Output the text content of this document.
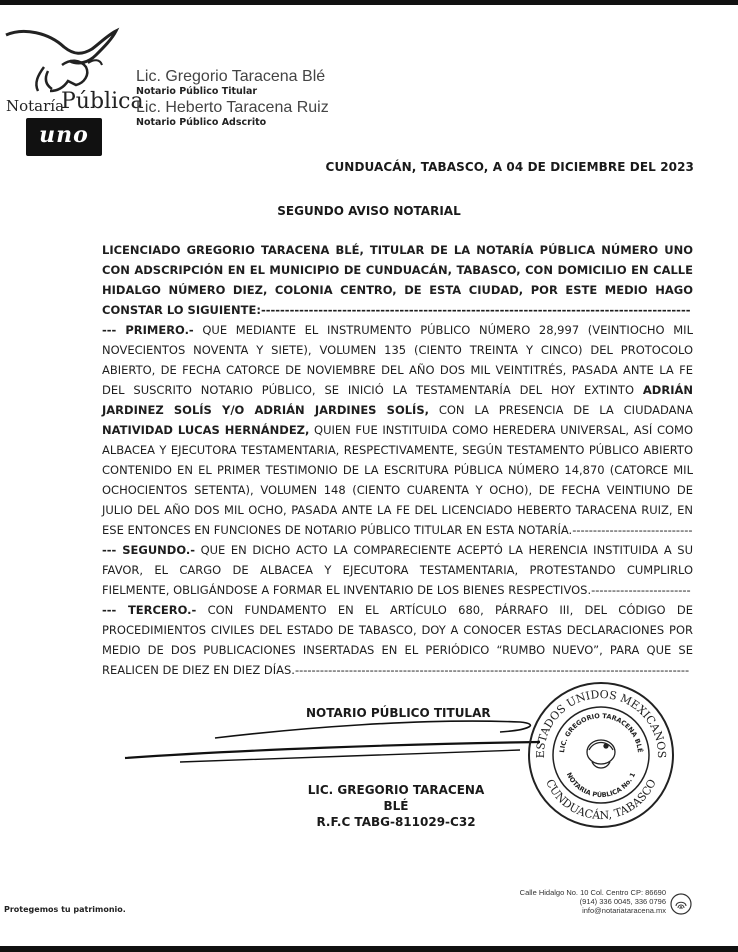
Notaría
Pública
uno
Lic. Gregorio Taracena Blé
Notario Público Titular
Lic. Heberto Taracena Ruiz
Notario Público Adscrito
CUNDUACÁN, TABASCO, A 04 DE DICIEMBRE DEL 2023
SEGUNDO AVISO NOTARIAL

LICENCIADO GREGORIO TARACENA BLÉ, TITULAR DE LA NOTARÍA PÚBLICA NÚMERO UNO CON ADSCRIPCIÓN EN EL MUNICIPIO DE CUNDUACÁN, TABASCO, CON DOMICILIO EN CALLE HIDALGO NÚMERO DIEZ, COLONIA CENTRO, DE ESTA CIUDAD, POR ESTE MEDIO HAGO CONSTAR LO SIGUIENTE:------------------------------------------------------------------------------------------

--- PRIMERO.- QUE MEDIANTE EL INSTRUMENTO PÚBLICO NÚMERO 28,997 (VEINTIOCHO MIL NOVECIENTOS NOVENTA Y SIETE), VOLUMEN 135 (CIENTO TREINTA Y CINCO) DEL PROTOCOLO ABIERTO, DE FECHA CATORCE DE NOVIEMBRE DEL AÑO DOS MIL VEINTITRÉS, PASADA ANTE LA FE DEL SUSCRITO NOTARIO PÚBLICO, SE INICIÓ LA TESTAMENTARÍA DEL HOY EXTINTO ADRIÁN JARDINEZ SOLÍS Y/O ADRIÁN JARDINES SOLÍS, CON LA PRESENCIA DE LA CIUDADANA NATIVIDAD LUCAS HERNÁNDEZ, QUIEN FUE INSTITUIDA COMO HEREDERA UNIVERSAL, ASÍ COMO ALBACEA Y EJECUTORA TESTAMENTARIA, RESPECTIVAMENTE, SEGÚN TESTAMENTO PÚBLICO ABIERTO CONTENIDO EN EL PRIMER TESTIMONIO DE LA ESCRITURA PÚBLICA NÚMERO 14,870 (CATORCE MIL OCHOCIENTOS SETENTA), VOLUMEN 148 (CIENTO CUARENTA Y OCHO), DE FECHA VEINTIUNO DE JULIO DEL AÑO DOS MIL OCHO, PASADA ANTE LA FE DEL LICENCIADO HEBERTO TARACENA RUIZ, EN ESE ENTONCES EN FUNCIONES DE NOTARIO PÚBLICO TITULAR EN ESTA NOTARÍA.-----------------------------

--- SEGUNDO.- QUE EN DICHO ACTO LA COMPARECIENTE ACEPTÓ LA HERENCIA INSTITUIDA A SU FAVOR, EL CARGO DE ALBACEA Y EJECUTORA TESTAMENTARIA, PROTESTANDO CUMPLIRLO FIELMENTE, OBLIGÁNDOSE A FORMAR EL INVENTARIO DE LOS BIENES RESPECTIVOS.------------------------

--- TERCERO.- CON FUNDAMENTO EN EL ARTÍCULO 680, PÁRRAFO III, DEL CÓDIGO DE PROCEDIMIENTOS CIVILES DEL ESTADO DE TABASCO, DOY A CONOCER ESTAS DECLARACIONES POR MEDIO DE DOS PUBLICACIONES INSERTADAS EN EL PERIÓDICO “RUMBO NUEVO”, PARA QUE SE REALICEN DE DIEZ EN DIEZ DÍAS.-----------------------------------------------------------------------------------------------

NOTARIO PÚBLICO TITULAR
LIC. GREGORIO TARACENA BLÉ
R.F.C TABG-811029-C32
ESTADOS UNIDOS MEXICANOS
CUNDUACÁN, TABASCO
LIC. GREGORIO TARACENA BLÉ
NOTARIA PÚBLICA No. 1
Protegemos tu patrimonio.
Calle Hidalgo No. 10 Col. Centro CP: 86690
(914) 336 0045, 336 0796
info@notariataracena.mx
